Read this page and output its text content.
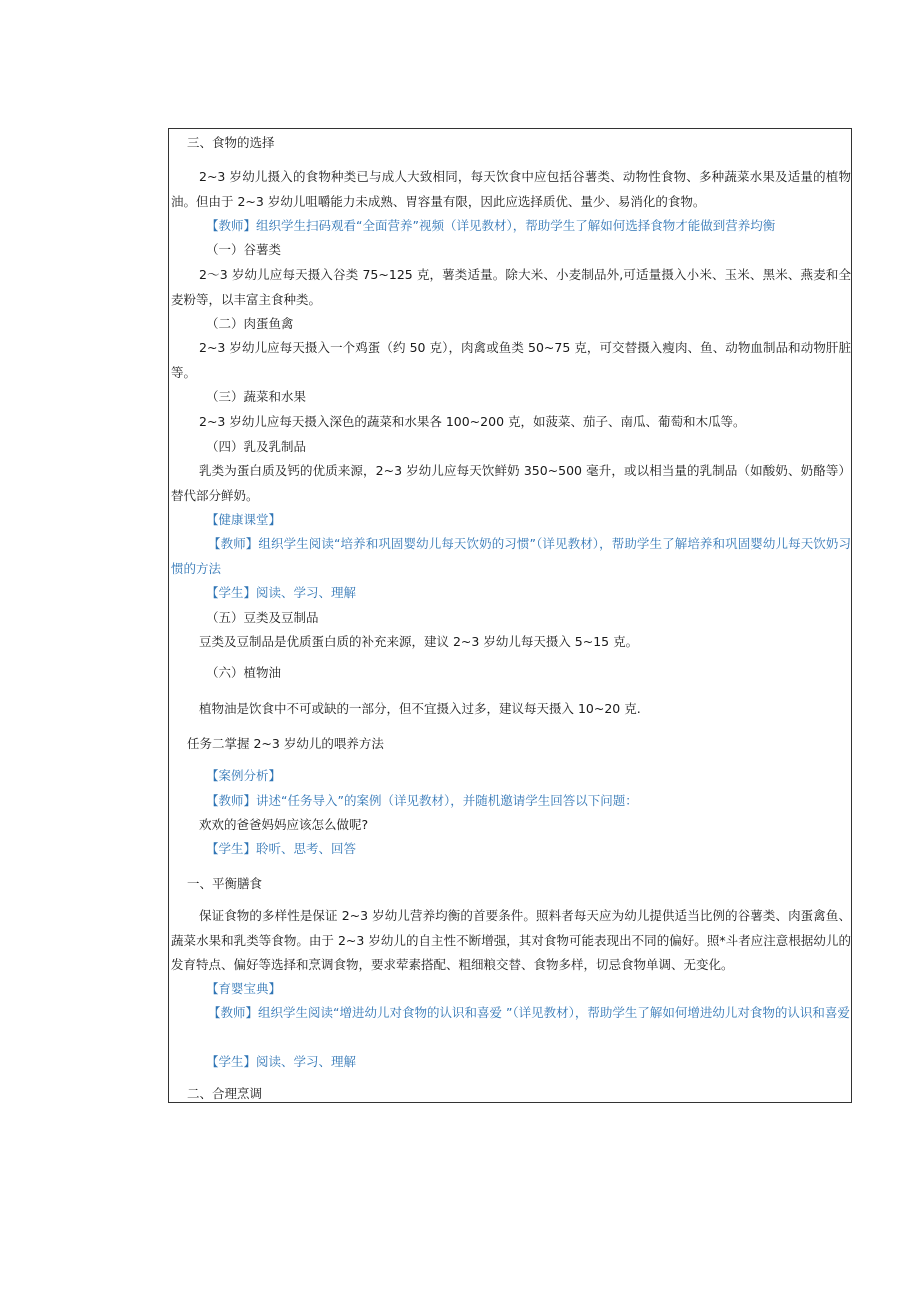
三、食物的选择
2~3 岁幼儿摄入的食物种类已与成人大致相同，每天饮食中应包括谷薯类、动物性食物、多种蔬菜水果及适量的植物油。但由于 2~3 岁幼儿咀嚼能力未成熟、胃容量有限，因此应选择质优、量少、易消化的食物。
【教师】组织学生扫码观看“全面营养”视频（详见教材），帮助学生了解如何选择食物才能做到营养均衡
（一）谷薯类
2～3 岁幼儿应每天摄入谷类 75~125 克，薯类适量。除大米、小麦制品外,可适量摄入小米、玉米、黑米、燕麦和全麦粉等，以丰富主食种类。
（二）肉蛋鱼禽
2~3 岁幼儿应每天摄入一个鸡蛋（约 50 克），肉禽或鱼类 50~75 克，可交替摄入瘦肉、鱼、动物血制品和动物肝脏等。
（三）蔬菜和水果
2~3 岁幼儿应每天摄入深色的蔬菜和水果各 100~200 克，如菠菜、茄子、南瓜、葡萄和木瓜等。
（四）乳及乳制品
乳类为蛋白质及钙的优质来源，2~3 岁幼儿应每天饮鲜奶 350~500 毫升，或以相当量的乳制品（如酸奶、奶酪等）替代部分鲜奶。
【健康课堂】
【教师】组织学生阅读“培养和巩固婴幼儿每天饮奶的习惯”（详见教材），帮助学生了解培养和巩固婴幼儿每天饮奶习惯的方法
【学生】阅读、学习、理解
（五）豆类及豆制品
豆类及豆制品是优质蛋白质的补充来源，建议 2~3 岁幼儿每天摄入 5~15 克。
（六）植物油
植物油是饮食中不可或缺的一部分，但不宜摄入过多，建议每天摄入 10~20 克.
任务二掌握 2~3 岁幼儿的喂养方法
【案例分析】
【教师】讲述“任务导入”的案例（详见教材），并随机邀请学生回答以下问题：
欢欢的爸爸妈妈应该怎么做呢?
【学生】聆听、思考、回答
一、平衡膳食
保证食物的多样性是保证 2~3 岁幼儿营养均衡的首要条件。照料者每天应为幼儿提供适当比例的谷薯类、肉蛋禽鱼、蔬菜水果和乳类等食物。由于 2~3 岁幼儿的自主性不断增强，其对食物可能表现出不同的偏好。照*斗者应注意根据幼儿的发育特点、偏好等选择和烹调食物，要求荤素搭配、粗细粮交替、食物多样，切忌食物单调、无变化。
【育婴宝典】
【教师】组织学生阅读“增进幼儿对食物的认识和喜爱 ”（详见教材），帮助学生了解如何增进幼儿对食物的认识和喜爱
【学生】阅读、学习、理解
二、合理烹调
